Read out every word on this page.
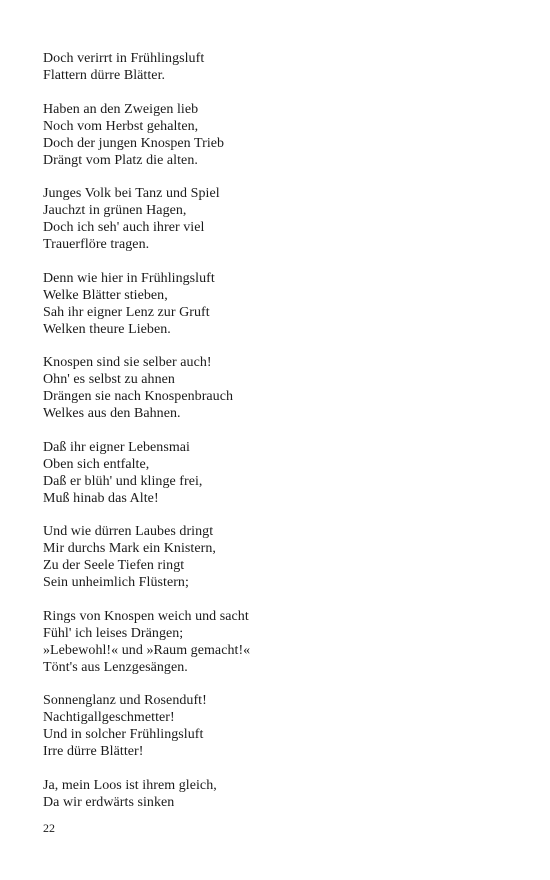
Doch verirrt in Frühlingsluft
Flattern dürre Blätter.
Haben an den Zweigen lieb
Noch vom Herbst gehalten,
Doch der jungen Knospen Trieb
Drängt vom Platz die alten.
Junges Volk bei Tanz und Spiel
Jauchzt in grünen Hagen,
Doch ich seh' auch ihrer viel
Trauerflöre tragen.
Denn wie hier in Frühlingsluft
Welke Blätter stieben,
Sah ihr eigner Lenz zur Gruft
Welken theure Lieben.
Knospen sind sie selber auch!
Ohn' es selbst zu ahnen
Drängen sie nach Knospenbrauch
Welkes aus den Bahnen.
Daß ihr eigner Lebensmai
Oben sich entfalte,
Daß er blüh' und klinge frei,
Muß hinab das Alte!
Und wie dürren Laubes dringt
Mir durchs Mark ein Knistern,
Zu der Seele Tiefen ringt
Sein unheimlich Flüstern;
Rings von Knospen weich und sacht
Fühl' ich leises Drängen;
»Lebewohl!« und »Raum gemacht!«
Tönt's aus Lenzgesängen.
Sonnenglanz und Rosenduft!
Nachtigallgeschmetter!
Und in solcher Frühlingsluft
Irre dürre Blätter!
Ja, mein Loos ist ihrem gleich,
Da wir erdwärts sinken
22
